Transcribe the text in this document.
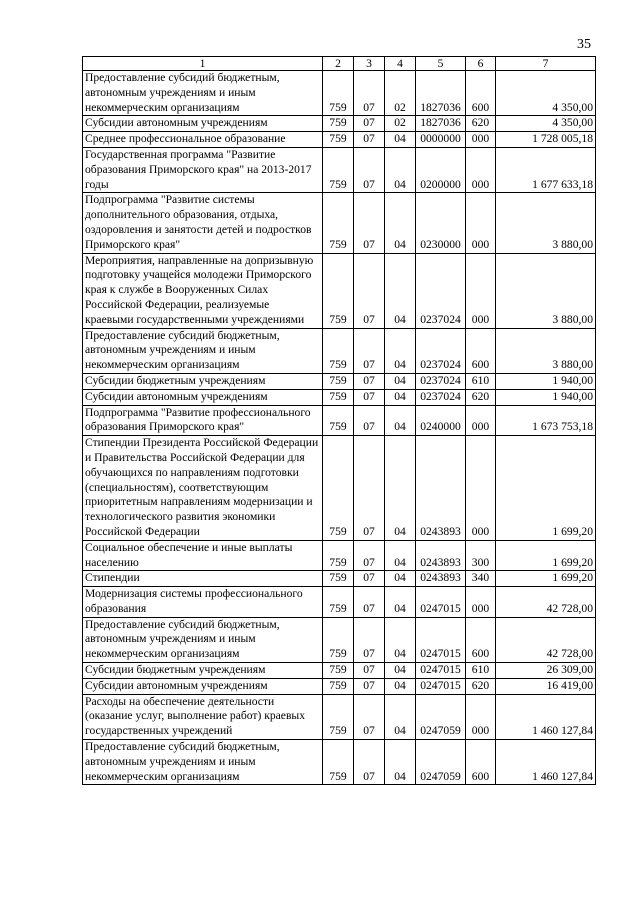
35
1	2	3	4	5	6	7
Предоставление субсидий бюджетным, автономным учреждениям и иным некоммерческим организациям	759	07	02	1827036	600	4 350,00
Субсидии автономным учреждениям	759	07	02	1827036	620	4 350,00
Среднее профессиональное образование	759	07	04	0000000	000	1 728 005,18
Государственная программа "Развитие образования Приморского края" на 2013-2017 годы	759	07	04	0200000	000	1 677 633,18
Подпрограмма "Развитие системы дополнительного образования, отдыха, оздоровления и занятости детей и подростков Приморского края"	759	07	04	0230000	000	3 880,00
Мероприятия, направленные на допризывную подготовку учащейся молодежи Приморского края к службе в Вооруженных Силах Российской Федерации, реализуемые краевыми государственными учреждениями	759	07	04	0237024	000	3 880,00
Предоставление субсидий бюджетным, автономным учреждениям и иным некоммерческим организациям	759	07	04	0237024	600	3 880,00
Субсидии бюджетным учреждениям	759	07	04	0237024	610	1 940,00
Субсидии автономным учреждениям	759	07	04	0237024	620	1 940,00
Подпрограмма "Развитие профессионального образования Приморского края"	759	07	04	0240000	000	1 673 753,18
Стипендии Президента Российской Федерации и Правительства Российской Федерации для обучающихся по направлениям подготовки (специальностям), соответствующим приоритетным направлениям модернизации и технологического развития экономики Российской Федерации	759	07	04	0243893	000	1 699,20
Социальное обеспечение и иные выплаты населению	759	07	04	0243893	300	1 699,20
Стипендии	759	07	04	0243893	340	1 699,20
Модернизация системы профессионального образования	759	07	04	0247015	000	42 728,00
Предоставление субсидий бюджетным, автономным учреждениям и иным некоммерческим организациям	759	07	04	0247015	600	42 728,00
Субсидии бюджетным учреждениям	759	07	04	0247015	610	26 309,00
Субсидии автономным учреждениям	759	07	04	0247015	620	16 419,00
Расходы на обеспечение деятельности (оказание услуг, выполнение работ) краевых государственных учреждений	759	07	04	0247059	000	1 460 127,84
Предоставление субсидий бюджетным, автономным учреждениям и иным некоммерческим организациям	759	07	04	0247059	600	1 460 127,84
